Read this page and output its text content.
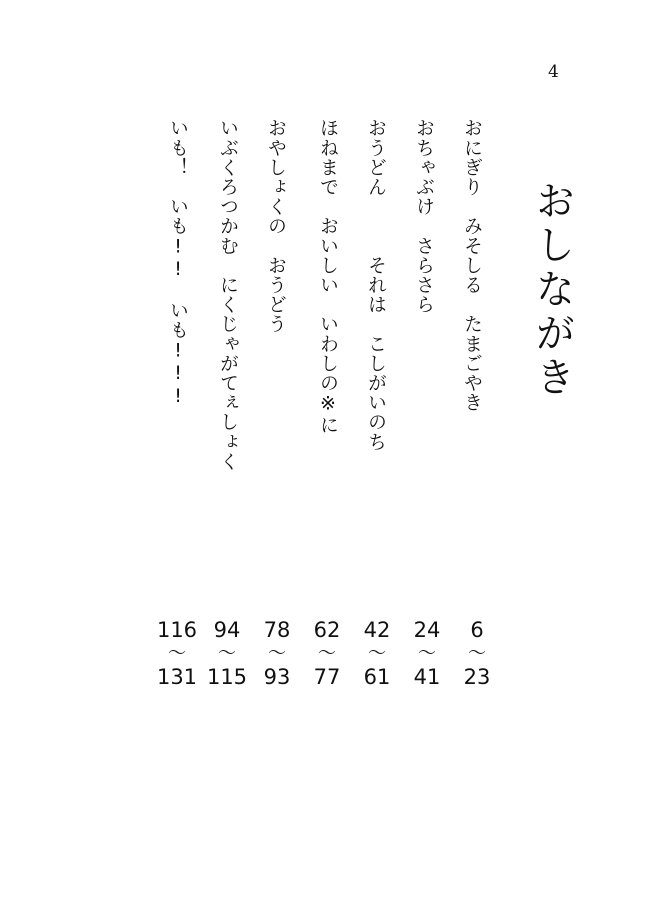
4
おしながき
おにぎり　みそしる　たまごやき
おちゃぶけ　さらさら
おうどん　　　それは　こしがいのち
ほねまで　おいしい　いわしの※に
おやしょくの　おうどう
いぶくろつかむ　にくじゃがてぇしょく
いも！　いも!!　いも!!!
6
～
23
24
～
41
42
～
61
62
～
77
78
～
93
94
～
115
116
～
131
